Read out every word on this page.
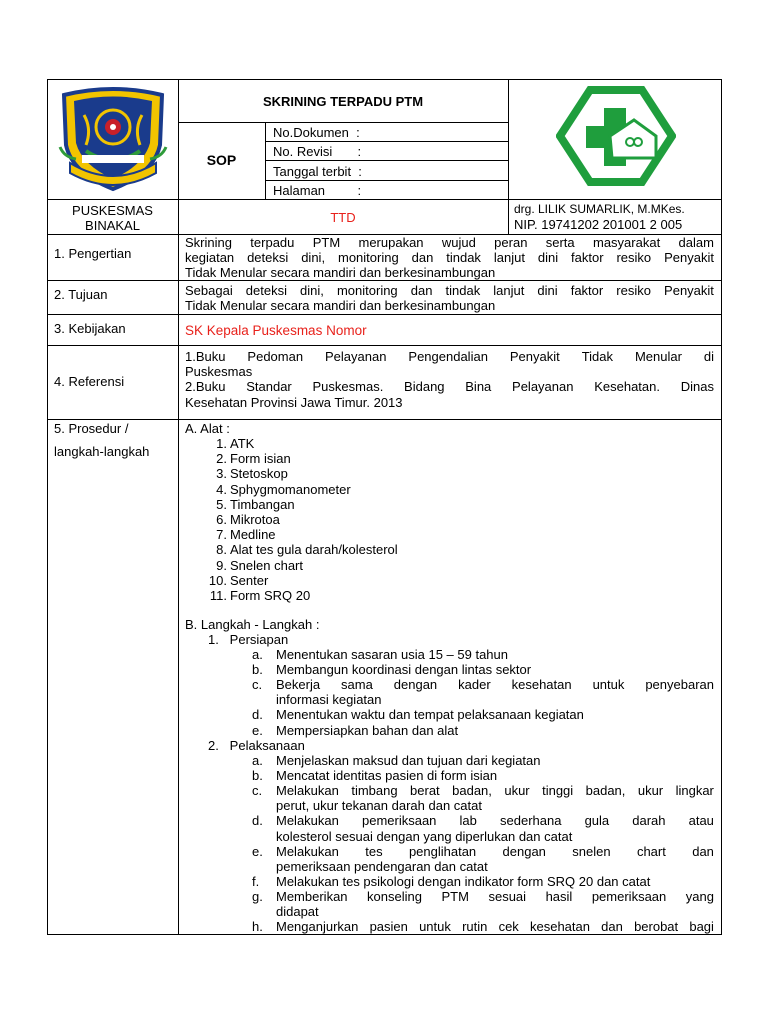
SKRINING TERPADU PTM
SOP
No.Dokumen  :
No. Revisi       :
Tanggal terbit  :
Halaman         :
PUSKESMAS
BINAKAL
TTD
drg. LILIK SUMARLIK, M.MKes.
NIP. 19741202 201001 2 005
1. Pengertian
Skrining terpadu PTM merupakan wujud peran serta masyarakat dalam
kegiatan deteksi dini, monitoring dan tindak lanjut dini faktor resiko Penyakit
Tidak Menular secara mandiri dan berkesinambungan
2. Tujuan	Sebagai deteksi dini, monitoring dan tindak lanjut dini faktor resiko Penyakit
Tidak Menular secara mandiri dan berkesinambungan
3. Kebijakan	SK Kepala Puskesmas Nomor
4. Referensi
1.Buku Pedoman Pelayanan Pengendalian Penyakit Tidak Menular di
Puskesmas
2.Buku Standar Puskesmas. Bidang Bina Pelayanan Kesehatan. Dinas
Kesehatan Provinsi Jawa Timur. 2013
5. Prosedur /
langkah-langkah
A. Alat :
1. ATK
2. Form isian
3. Stetoskop
4. Sphygmomanometer
5. Timbangan
6. Mikrotoa
7. Medline
8. Alat tes gula darah/kolesterol
9. Snelen chart
10. Senter
11. Form SRQ 20
B. Langkah - Langkah :
1.   Persiapan
a. Menentukan sasaran usia 15 – 59 tahun
b. Membangun koordinasi dengan lintas sektor
c. Bekerja sama dengan kader kesehatan untuk penyebaran
informasi kegiatan
d. Menentukan waktu dan tempat pelaksanaan kegiatan
e. Mempersiapkan bahan dan alat
2.   Pelaksanaan
a. Menjelaskan maksud dan tujuan dari kegiatan
b. Mencatat identitas pasien di form isian
c. Melakukan timbang berat badan, ukur tinggi badan, ukur lingkar
perut, ukur tekanan darah dan catat
d. Melakukan pemeriksaan lab sederhana gula darah atau
kolesterol sesuai dengan yang diperlukan dan catat
e. Melakukan tes penglihatan dengan snelen chart dan
pemeriksaan pendengaran dan catat
f. Melakukan tes psikologi dengan indikator form SRQ 20 dan catat
g. Memberikan konseling PTM sesuai hasil pemeriksaan yang
didapat
h. Menganjurkan pasien untuk rutin cek kesehatan dan berobat bagi
